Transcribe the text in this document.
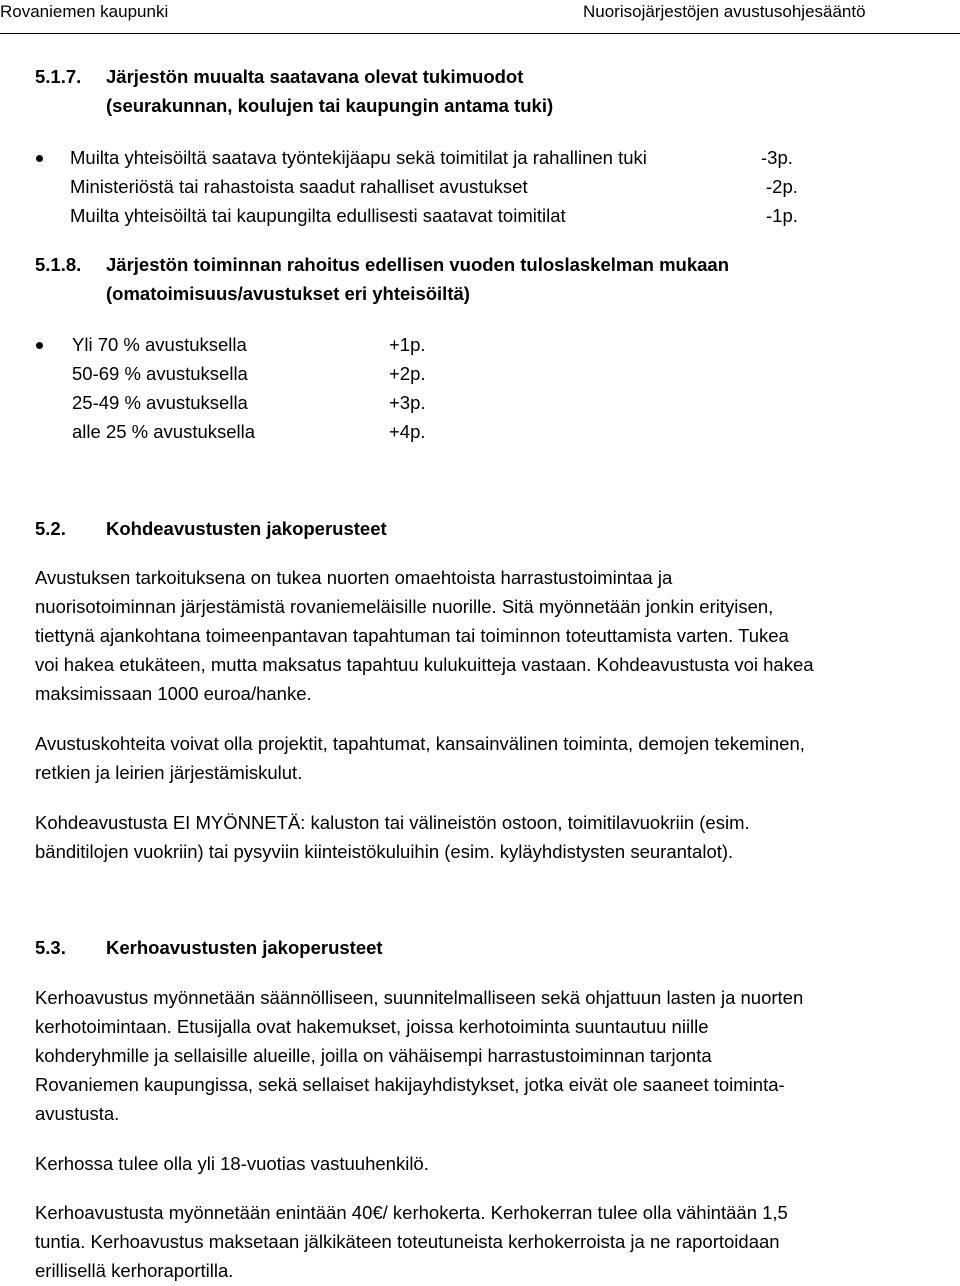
Rovaniemen kaupunki	Nuorisojärjestöjen avustusohjesääntö
5.1.7. Järjestön muualta saatavana olevat tukimuodot
(seurakunnan, koulujen tai kaupungin antama tuki)
Muilta yhteisöiltä saatava työntekijäapu sekä toimitilat ja rahallinen tuki	-3p.
Ministeriöstä tai rahastoista saadut rahalliset avustukset	-2p.
Muilta yhteisöiltä tai kaupungilta edullisesti saatavat toimitilat	-1p.
5.1.8. Järjestön toiminnan rahoitus edellisen vuoden tuloslaskelman mukaan
(omatoimisuus/avustukset eri yhteisöiltä)
Yli 70 % avustuksella	+1p.
50-69 % avustuksella	+2p.
25-49 % avustuksella	+3p.
alle 25 % avustuksella	+4p.
5.2. Kohdeavustusten jakoperusteet
Avustuksen tarkoituksena on tukea nuorten omaehtoista harrastustoimintaa ja
nuorisotoiminnan järjestämistä rovaniemeläisille nuorille. Sitä myönnetään jonkin erityisen,
tiettynä ajankohtana toimeenpantavan tapahtuman tai toiminnon toteuttamista varten. Tukea
voi hakea etukäteen, mutta maksatus tapahtuu kulukuitteja vastaan. Kohdeavustusta voi hakea
maksimissaan 1000 euroa/hanke.
Avustuskohteita voivat olla projektit, tapahtumat, kansainvälinen toiminta, demojen tekeminen,
retkien ja leirien järjestämiskulut.
Kohdeavustusta EI MYÖNNETÄ: kaluston tai välineistön ostoon, toimitilavuokriin (esim.
bänditilojen vuokriin) tai pysyviin kiinteistökuluihin (esim. kyläyhdistysten seurantalot).
5.3. Kerhoavustusten jakoperusteet
Kerhoavustus myönnetään säännölliseen, suunnitelmalliseen sekä ohjattuun lasten ja nuorten
kerhotoimintaan. Etusijalla ovat hakemukset, joissa kerhotoiminta suuntautuu niille
kohderyhmille ja sellaisille alueille, joilla on vähäisempi harrastustoiminnan tarjonta
Rovaniemen kaupungissa, sekä sellaiset hakijayhdistykset, jotka eivät ole saaneet toiminta-
avustusta.
Kerhossa tulee olla yli 18-vuotias vastuuhenkilö.
Kerhoavustusta myönnetään enintään 40€/ kerhokerta. Kerhokerran tulee olla vähintään 1,5
tuntia. Kerhoavustus maksetaan jälkikäteen toteutuneista kerhokerroista ja ne raportoidaan
erillisellä kerhoraportilla.
